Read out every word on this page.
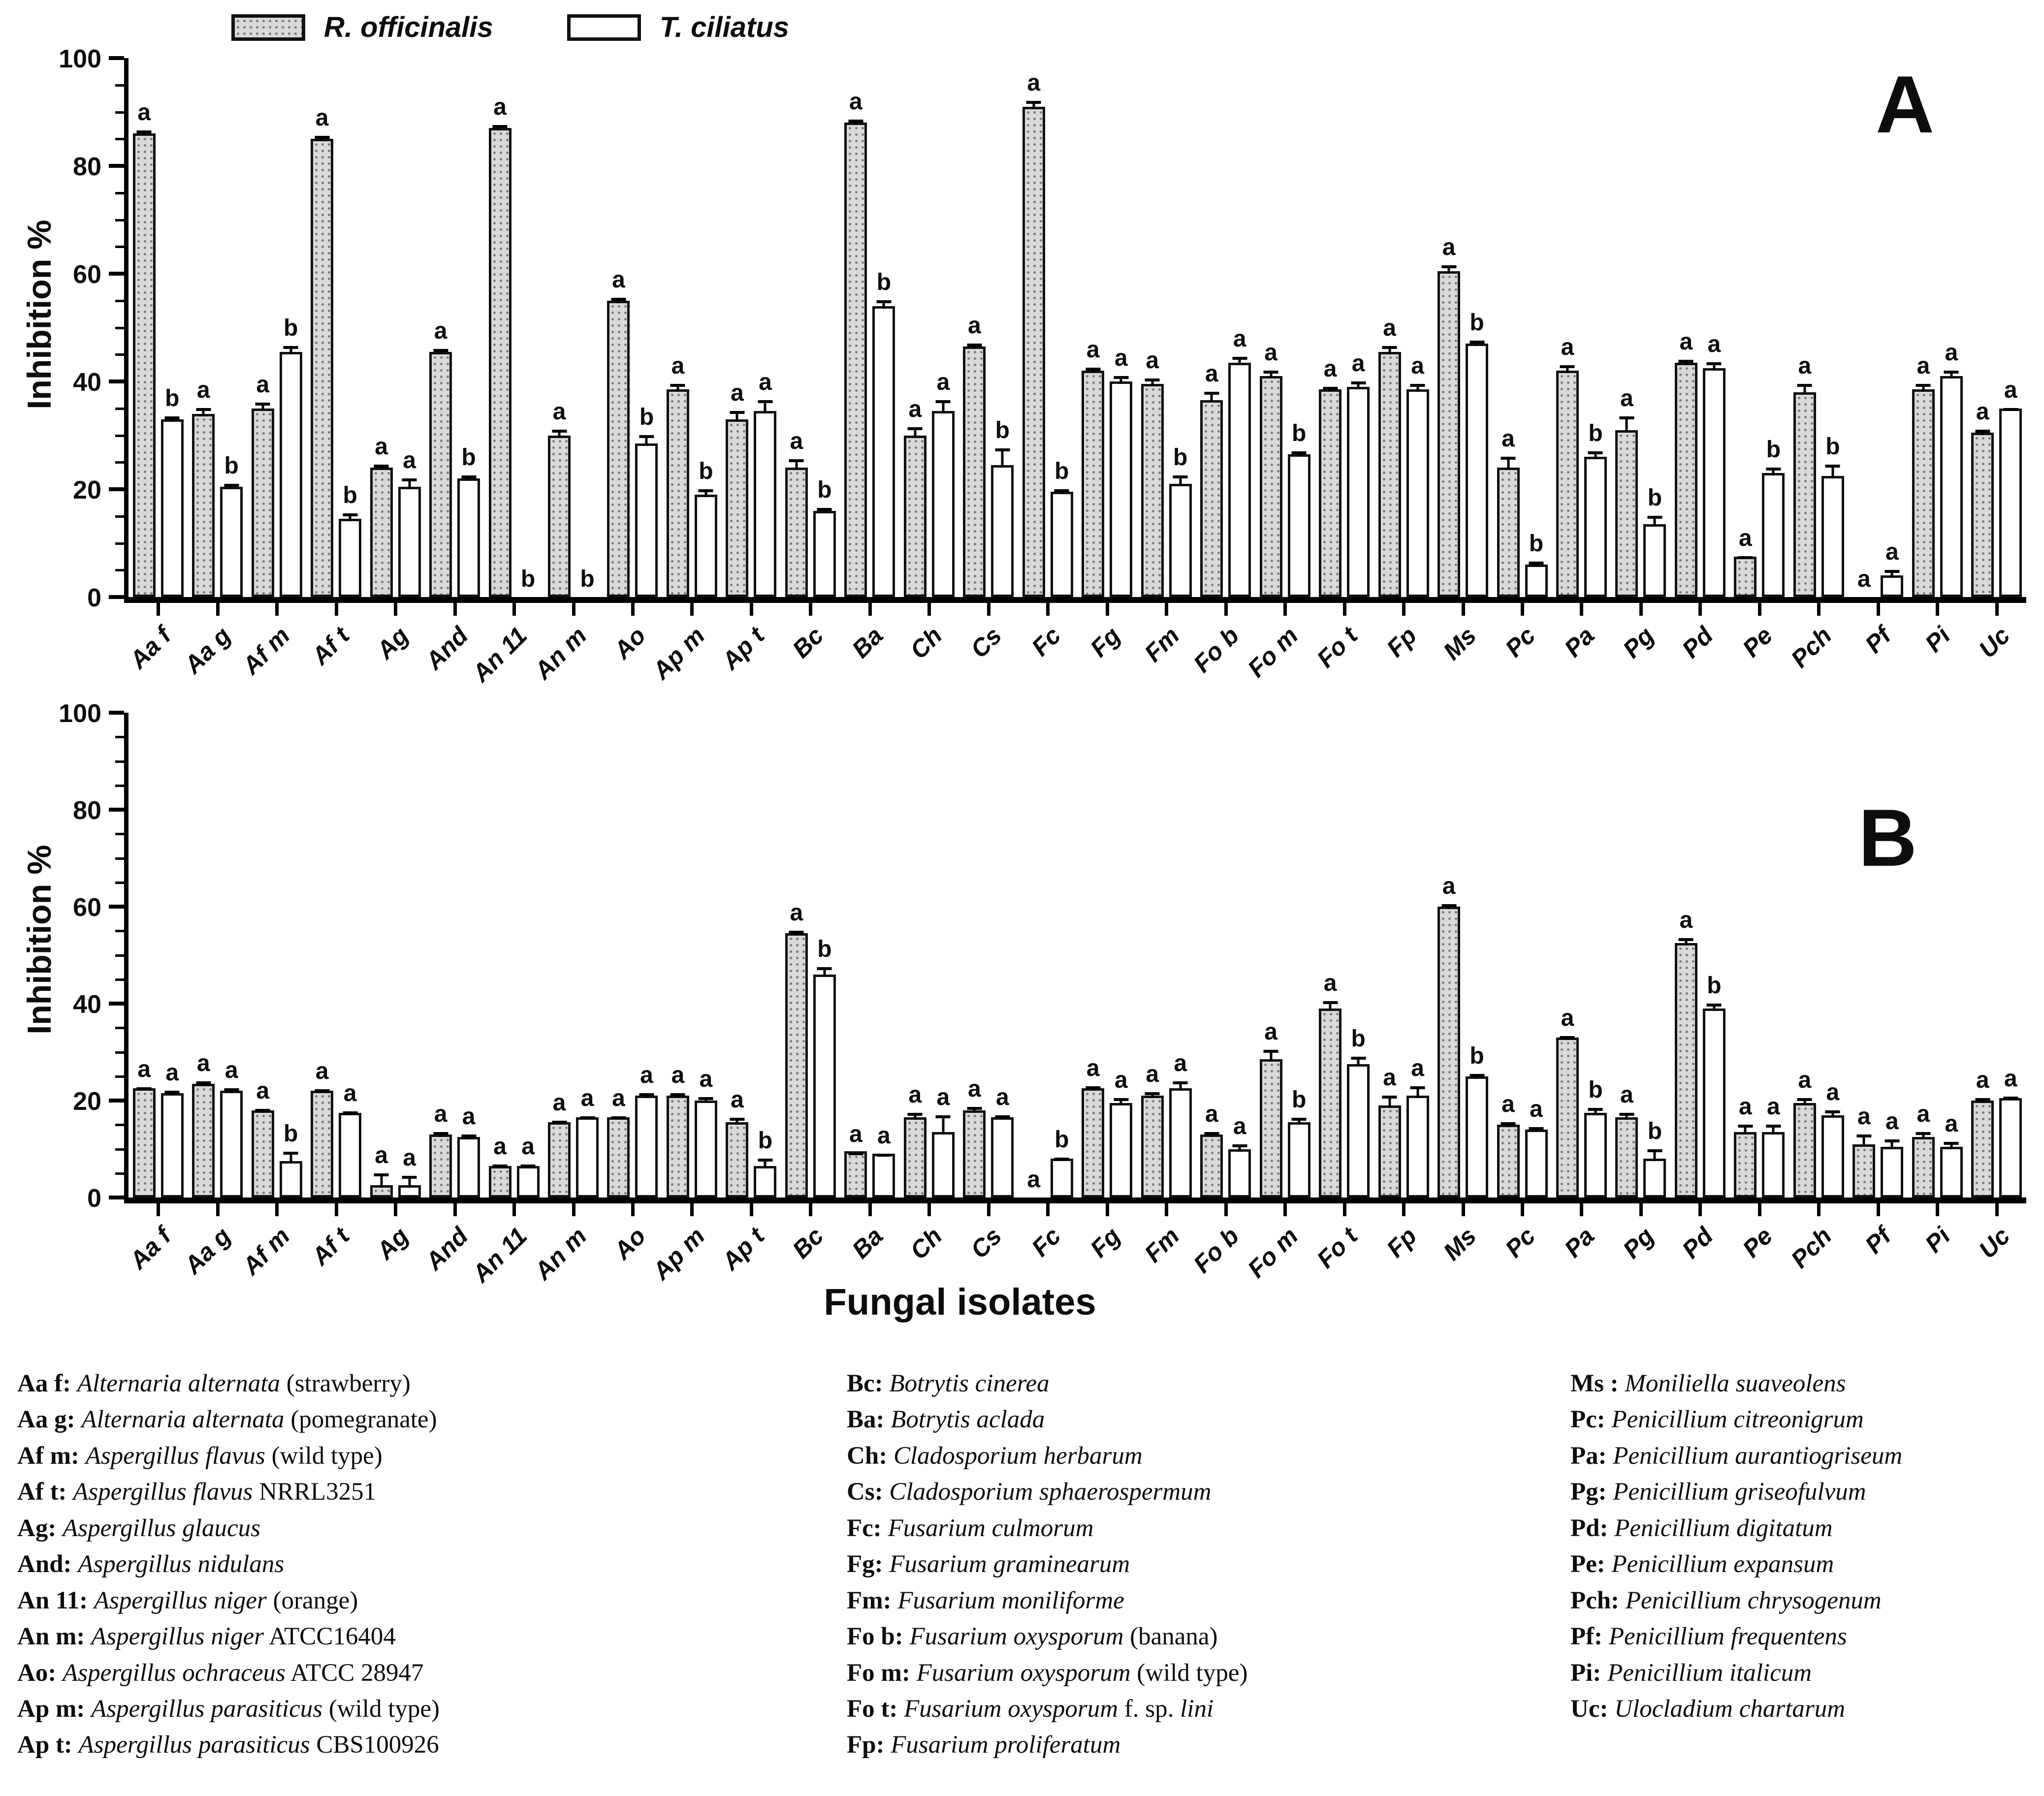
R. officinalis	T. ciliatus
Inhibition %
Inhibition %
A
B
0
20
40
60
80
100
a
b
Aa f
a
b
Aa g
a
b
Af m
a
b
Af t
a
a
Ag
a
b
And
a
b
An 11
a
b
An m
a
b
Ao
a
b
Ap m
a a
Ap t
a
b
Bc
a
b
Ba
a
a
Ch
a
b
Cs
a
b
Fc
a a
Fg
a
b
Fm
a
a
Fo b
a
b
Fo m
a a
Fo t
a
a
Fp
a
b
Ms
a
b
Pc
a
b
Pa
a
b
Pg
a a
Pd
a
b
Pe
a
b
Pch
a
a
Pf
a
a
Pi
a
a
Uc
0
20
40
60
80
100
a a
Aa f
a a
Aa g
a
b
Af m
a
a
Af t
a a
Ag
a a
And
a a
An 11
a a
An m
a
a
Ao
a a
Ap m
a
b
Ap t
a
b
Bc
a a
Ba
a a
Ch
a a
Cs
a
b
Fc
a a
Fg
a a
Fm
a a
Fo b
a
b
Fo m
a
b
Fo t
a a
Fp
a
b
Ms
a a
Pc
a
b
Pa
a
b
Pg
a
b
Pd
a a
Pe
a a
Pch
a a
Pf
a a
Pi
a a
Uc
Fungal isolates
Aa f: Alternaria alternata (strawberry)
Aa g: Alternaria alternata (pomegranate)
Af m: Aspergillus flavus (wild type)
Af t: Aspergillus flavus NRRL3251
Ag: Aspergillus glaucus
And: Aspergillus nidulans
An 11: Aspergillus niger (orange)
An m: Aspergillus niger ATCC16404
Ao: Aspergillus ochraceus ATCC 28947
Ap m: Aspergillus parasiticus (wild type)
Ap t: Aspergillus parasiticus CBS100926
Bc: Botrytis cinerea
Ba: Botrytis aclada
Ch: Cladosporium herbarum
Cs: Cladosporium sphaerospermum
Fc: Fusarium culmorum
Fg: Fusarium graminearum
Fm: Fusarium moniliforme
Fo b: Fusarium oxysporum (banana)
Fo m: Fusarium oxysporum (wild type)
Fo t: Fusarium oxysporum f. sp. lini
Fp: Fusarium proliferatum
Ms : Moniliella suaveolens
Pc: Penicillium citreonigrum
Pa: Penicillium aurantiogriseum
Pg: Penicillium griseofulvum
Pd: Penicillium digitatum
Pe: Penicillium expansum
Pch: Penicillium chrysogenum
Pf: Penicillium frequentens
Pi: Penicillium italicum
Uc: Ulocladium chartarum
